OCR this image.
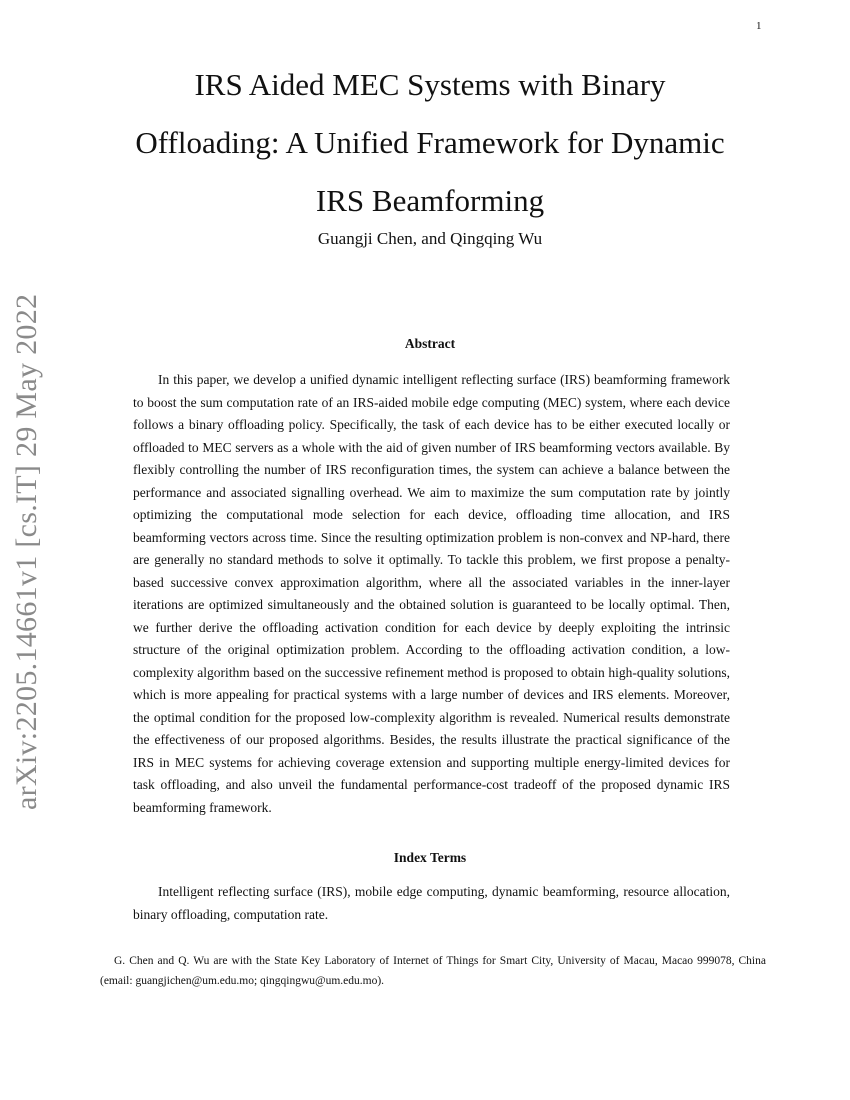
1
arXiv:2205.14661v1 [cs.IT] 29 May 2022
IRS Aided MEC Systems with Binary
Offloading: A Unified Framework for Dynamic
IRS Beamforming
Guangji Chen, and Qingqing Wu
Abstract

In this paper, we develop a unified dynamic intelligent reflecting surface (IRS) beamforming framework to boost the sum computation rate of an IRS-aided mobile edge computing (MEC) system, where each device follows a binary offloading policy. Specifically, the task of each device has to be either executed locally or offloaded to MEC servers as a whole with the aid of given number of IRS beamforming vectors available. By flexibly controlling the number of IRS reconfiguration times, the system can achieve a balance between the performance and associated signalling overhead. We aim to maximize the sum computation rate by jointly optimizing the computational mode selection for each device, offloading time allocation, and IRS beamforming vectors across time. Since the resulting optimization problem is non-convex and NP-hard, there are generally no standard methods to solve it optimally. To tackle this problem, we first propose a penalty-based successive convex approximation algorithm, where all the associated variables in the inner-layer iterations are optimized simultaneously and the obtained solution is guaranteed to be locally optimal. Then, we further derive the offloading activation condition for each device by deeply exploiting the intrinsic structure of the original optimization problem. According to the offloading activation condition, a low-complexity algorithm based on the successive refinement method is proposed to obtain high-quality solutions, which is more appealing for practical systems with a large number of devices and IRS elements. Moreover, the optimal condition for the proposed low-complexity algorithm is revealed. Numerical results demonstrate the effectiveness of our proposed algorithms. Besides, the results illustrate the practical significance of the IRS in MEC systems for achieving coverage extension and supporting multiple energy-limited devices for task offloading, and also unveil the fundamental performance-cost tradeoff of the proposed dynamic IRS beamforming framework.

Index Terms

Intelligent reflecting surface (IRS), mobile edge computing, dynamic beamforming, resource allocation, binary offloading, computation rate.

G. Chen and Q. Wu are with the State Key Laboratory of Internet of Things for Smart City, University of Macau, Macao 999078, China (email: guangjichen@um.edu.mo; qingqingwu@um.edu.mo).
